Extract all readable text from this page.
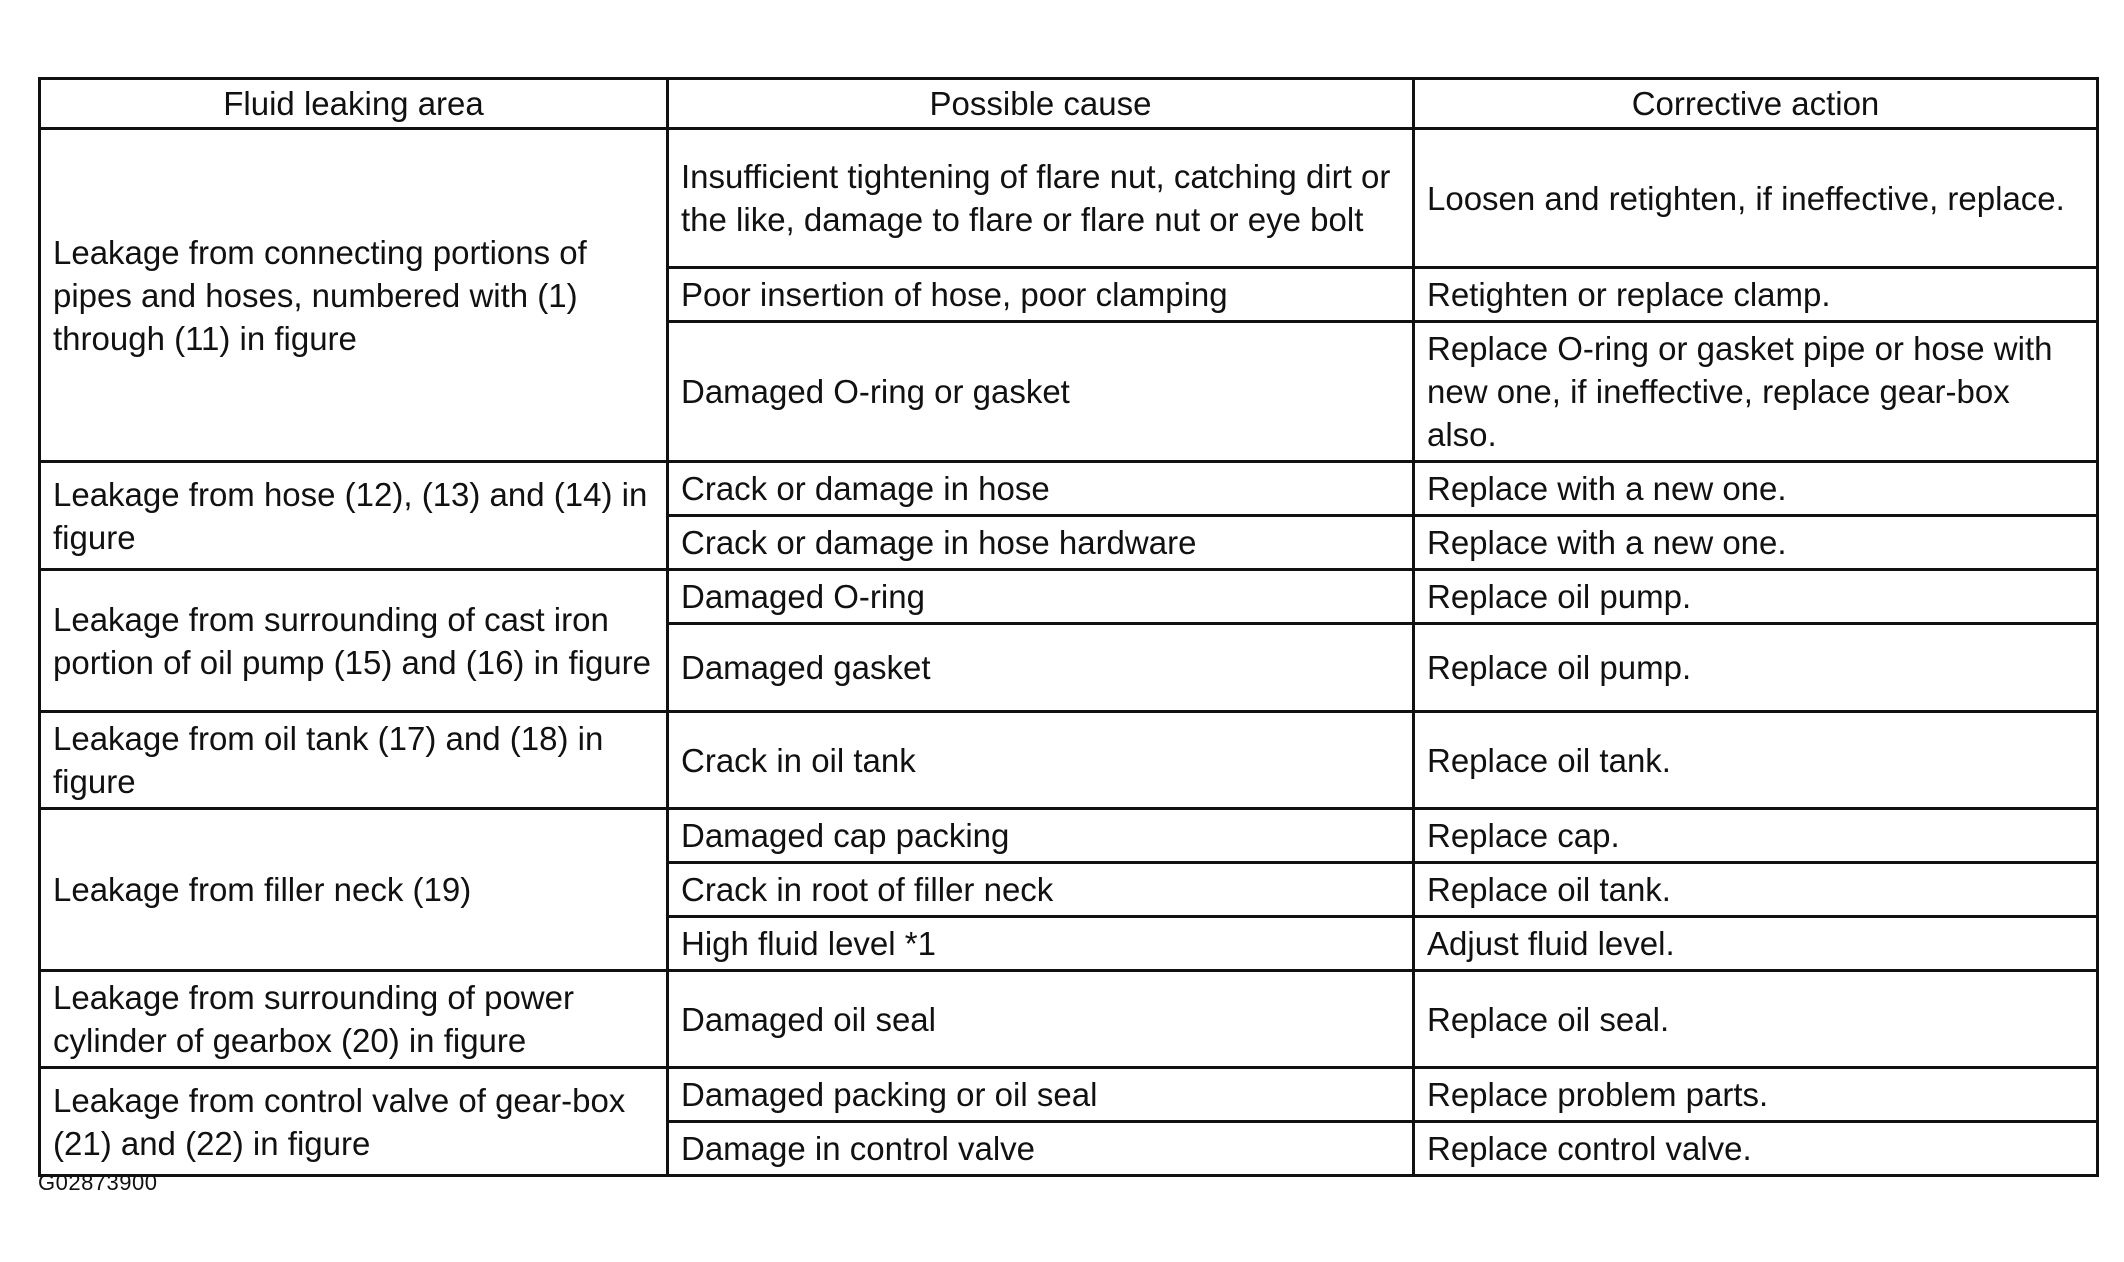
Fluid leaking area	Possible cause	Corrective action
Leakage from connecting portions of pipes and hoses, numbered with (1) through (11) in figure	Insufficient tightening of flare nut, catching dirt or the like, damage to flare or flare nut or eye bolt	Loosen and retighten, if ineffective, replace.
	Poor insertion of hose, poor clamping	Retighten or replace clamp.
	Damaged O-ring or gasket	Replace O-ring or gasket pipe or hose with new one, if ineffective, replace gear-box also.
Leakage from hose (12), (13) and (14) in figure	Crack or damage in hose	Replace with a new one.
	Crack or damage in hose hardware	Replace with a new one.
Leakage from surrounding of cast iron portion of oil pump (15) and (16) in figure	Damaged O-ring	Replace oil pump.
	Damaged gasket	Replace oil pump.
Leakage from oil tank (17) and (18) in figure	Crack in oil tank	Replace oil tank.
Leakage from filler neck (19)	Damaged cap packing	Replace cap.
	Crack in root of filler neck	Replace oil tank.
	High fluid level *1	Adjust fluid level.
Leakage from surrounding of power cylinder of gearbox (20) in figure	Damaged oil seal	Replace oil seal.
Leakage from control valve of gear-box (21) and (22) in figure	Damaged packing or oil seal	Replace problem parts.
	Damage in control valve	Replace control valve.
G02873900
